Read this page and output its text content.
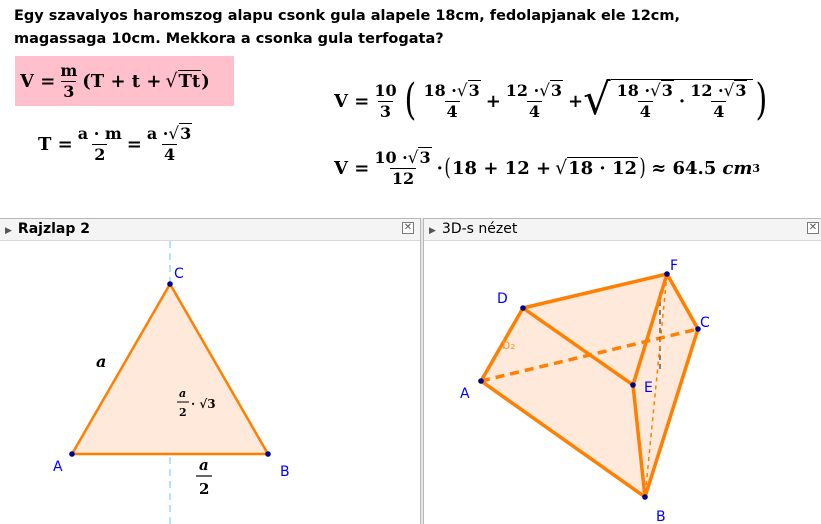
Egy szavalyos haromszog alapu csonk gula alapele 18cm, fedolapjanak ele 12cm,
magassaga 10cm. Mekkora a csonka gula terfogata?
$V = \frac{m}{3}$ ( T + t + √ Tt )
$T = \frac{a \cdot m}{2} = \frac{a \cdot √ 3}{4}$
$V = \frac{10}{3}$ ( $\frac{18 \cdot √ 3}{4} + \frac{12 \cdot √ 3}{4}$ + √ $\frac{18 \cdot √ 3}{4} \cdot \frac{12 \cdot √ 3}{4}$ )
$V = \frac{10 \cdot √ 3}{12}$ · ( 18 + 12 + √ 18 · 12 ) ≈ 64.5 cm 3
▶ Rajzlap 2	✕	▶ 3D-s nézet	✕
A	B
C
a
a
2
· √3
a
2
A
D
F
E
C
B
b₂
